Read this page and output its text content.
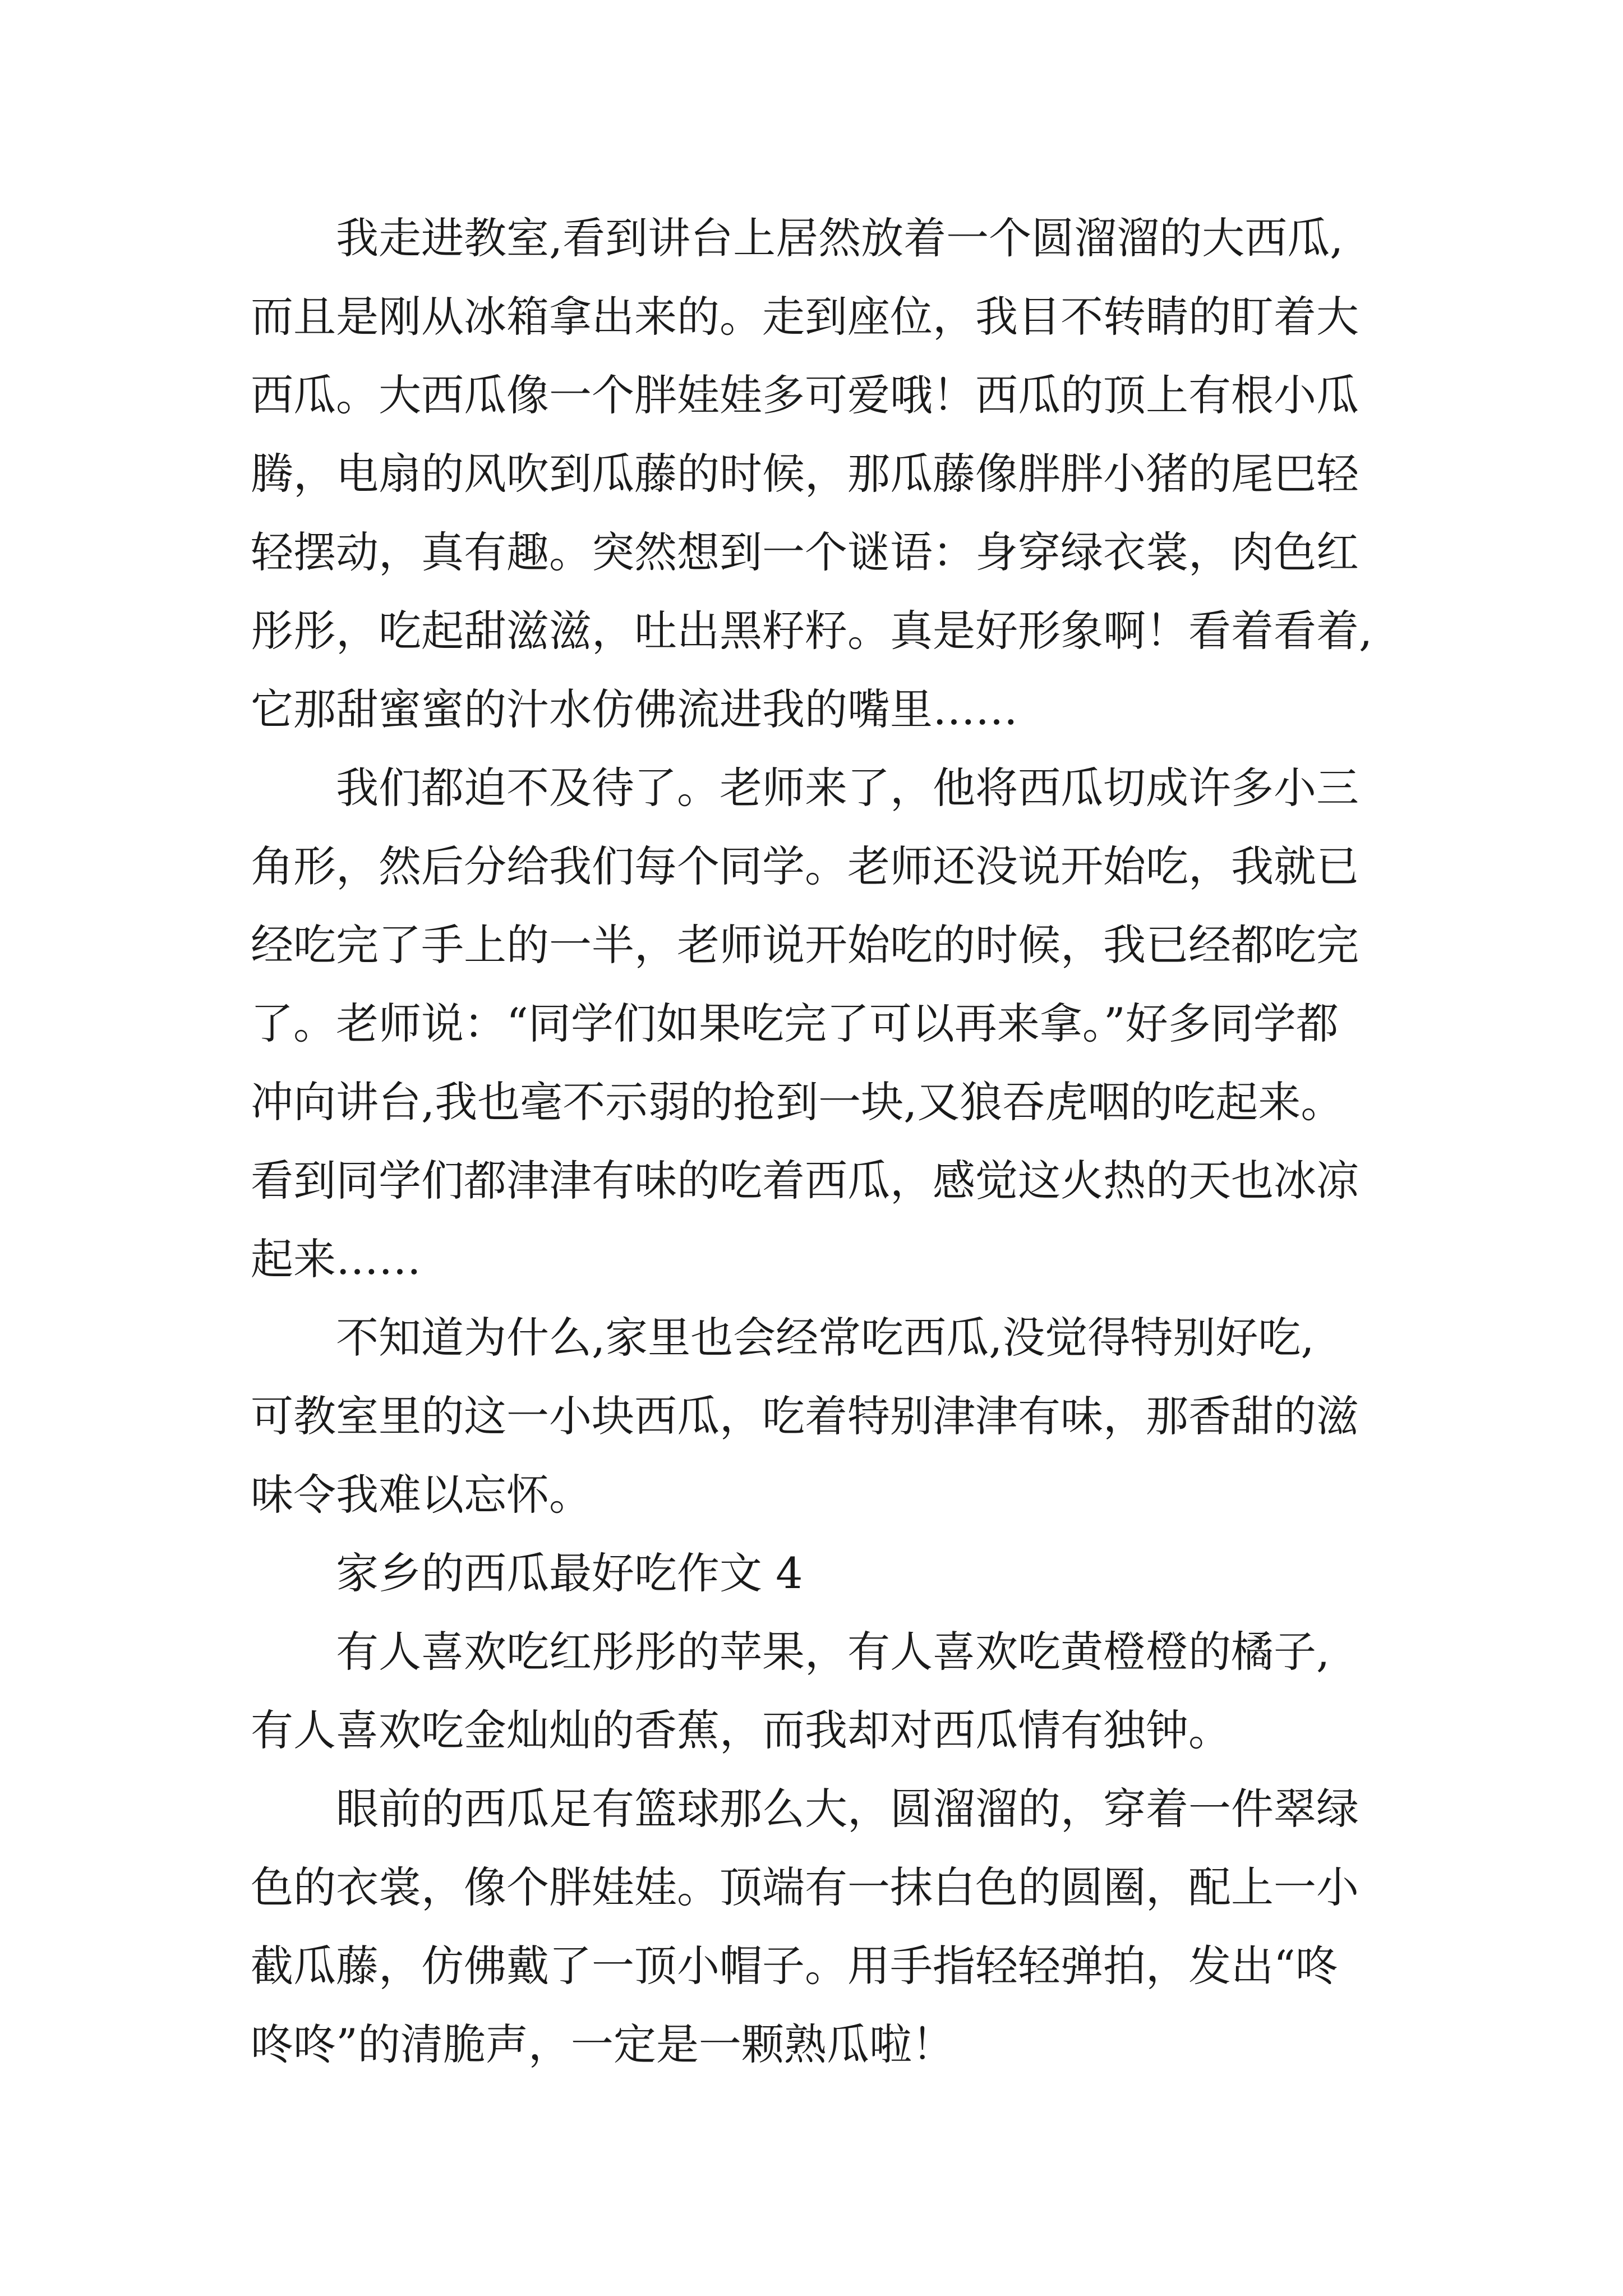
我走进教室,看到讲台上居然放着一个圆溜溜的大西瓜,
而且是刚从冰箱拿出来的。走到座位，我目不转睛的盯着大
西瓜。大西瓜像一个胖娃娃多可爱哦！西瓜的顶上有根小瓜
腾，电扇的风吹到瓜藤的时候，那瓜藤像胖胖小猪的尾巴轻
轻摆动，真有趣。突然想到一个谜语：身穿绿衣裳，肉色红
彤彤，吃起甜滋滋，吐出黑籽籽。真是好形象啊！看着看着,
它那甜蜜蜜的汁水仿佛流进我的嘴里……
我们都迫不及待了。老师来了，他将西瓜切成许多小三
角形，然后分给我们每个同学。老师还没说开始吃，我就已
经吃完了手上的一半，老师说开始吃的时候，我已经都吃完
了。老师说：“同学们如果吃完了可以再来拿。”好多同学都
冲向讲台,我也毫不示弱的抢到一块,又狼吞虎咽的吃起来。
看到同学们都津津有味的吃着西瓜，感觉这火热的天也冰凉
起来……
不知道为什么,家里也会经常吃西瓜,没觉得特别好吃,
可教室里的这一小块西瓜，吃着特别津津有味，那香甜的滋
味令我难以忘怀。
家乡的西瓜最好吃作文 4
有人喜欢吃红彤彤的苹果，有人喜欢吃黄橙橙的橘子,
有人喜欢吃金灿灿的香蕉，而我却对西瓜情有独钟。
眼前的西瓜足有篮球那么大，圆溜溜的，穿着一件翠绿
色的衣裳，像个胖娃娃。顶端有一抹白色的圆圈，配上一小
截瓜藤，仿佛戴了一顶小帽子。用手指轻轻弹拍，发出“咚
咚咚”的清脆声，一定是一颗熟瓜啦！
